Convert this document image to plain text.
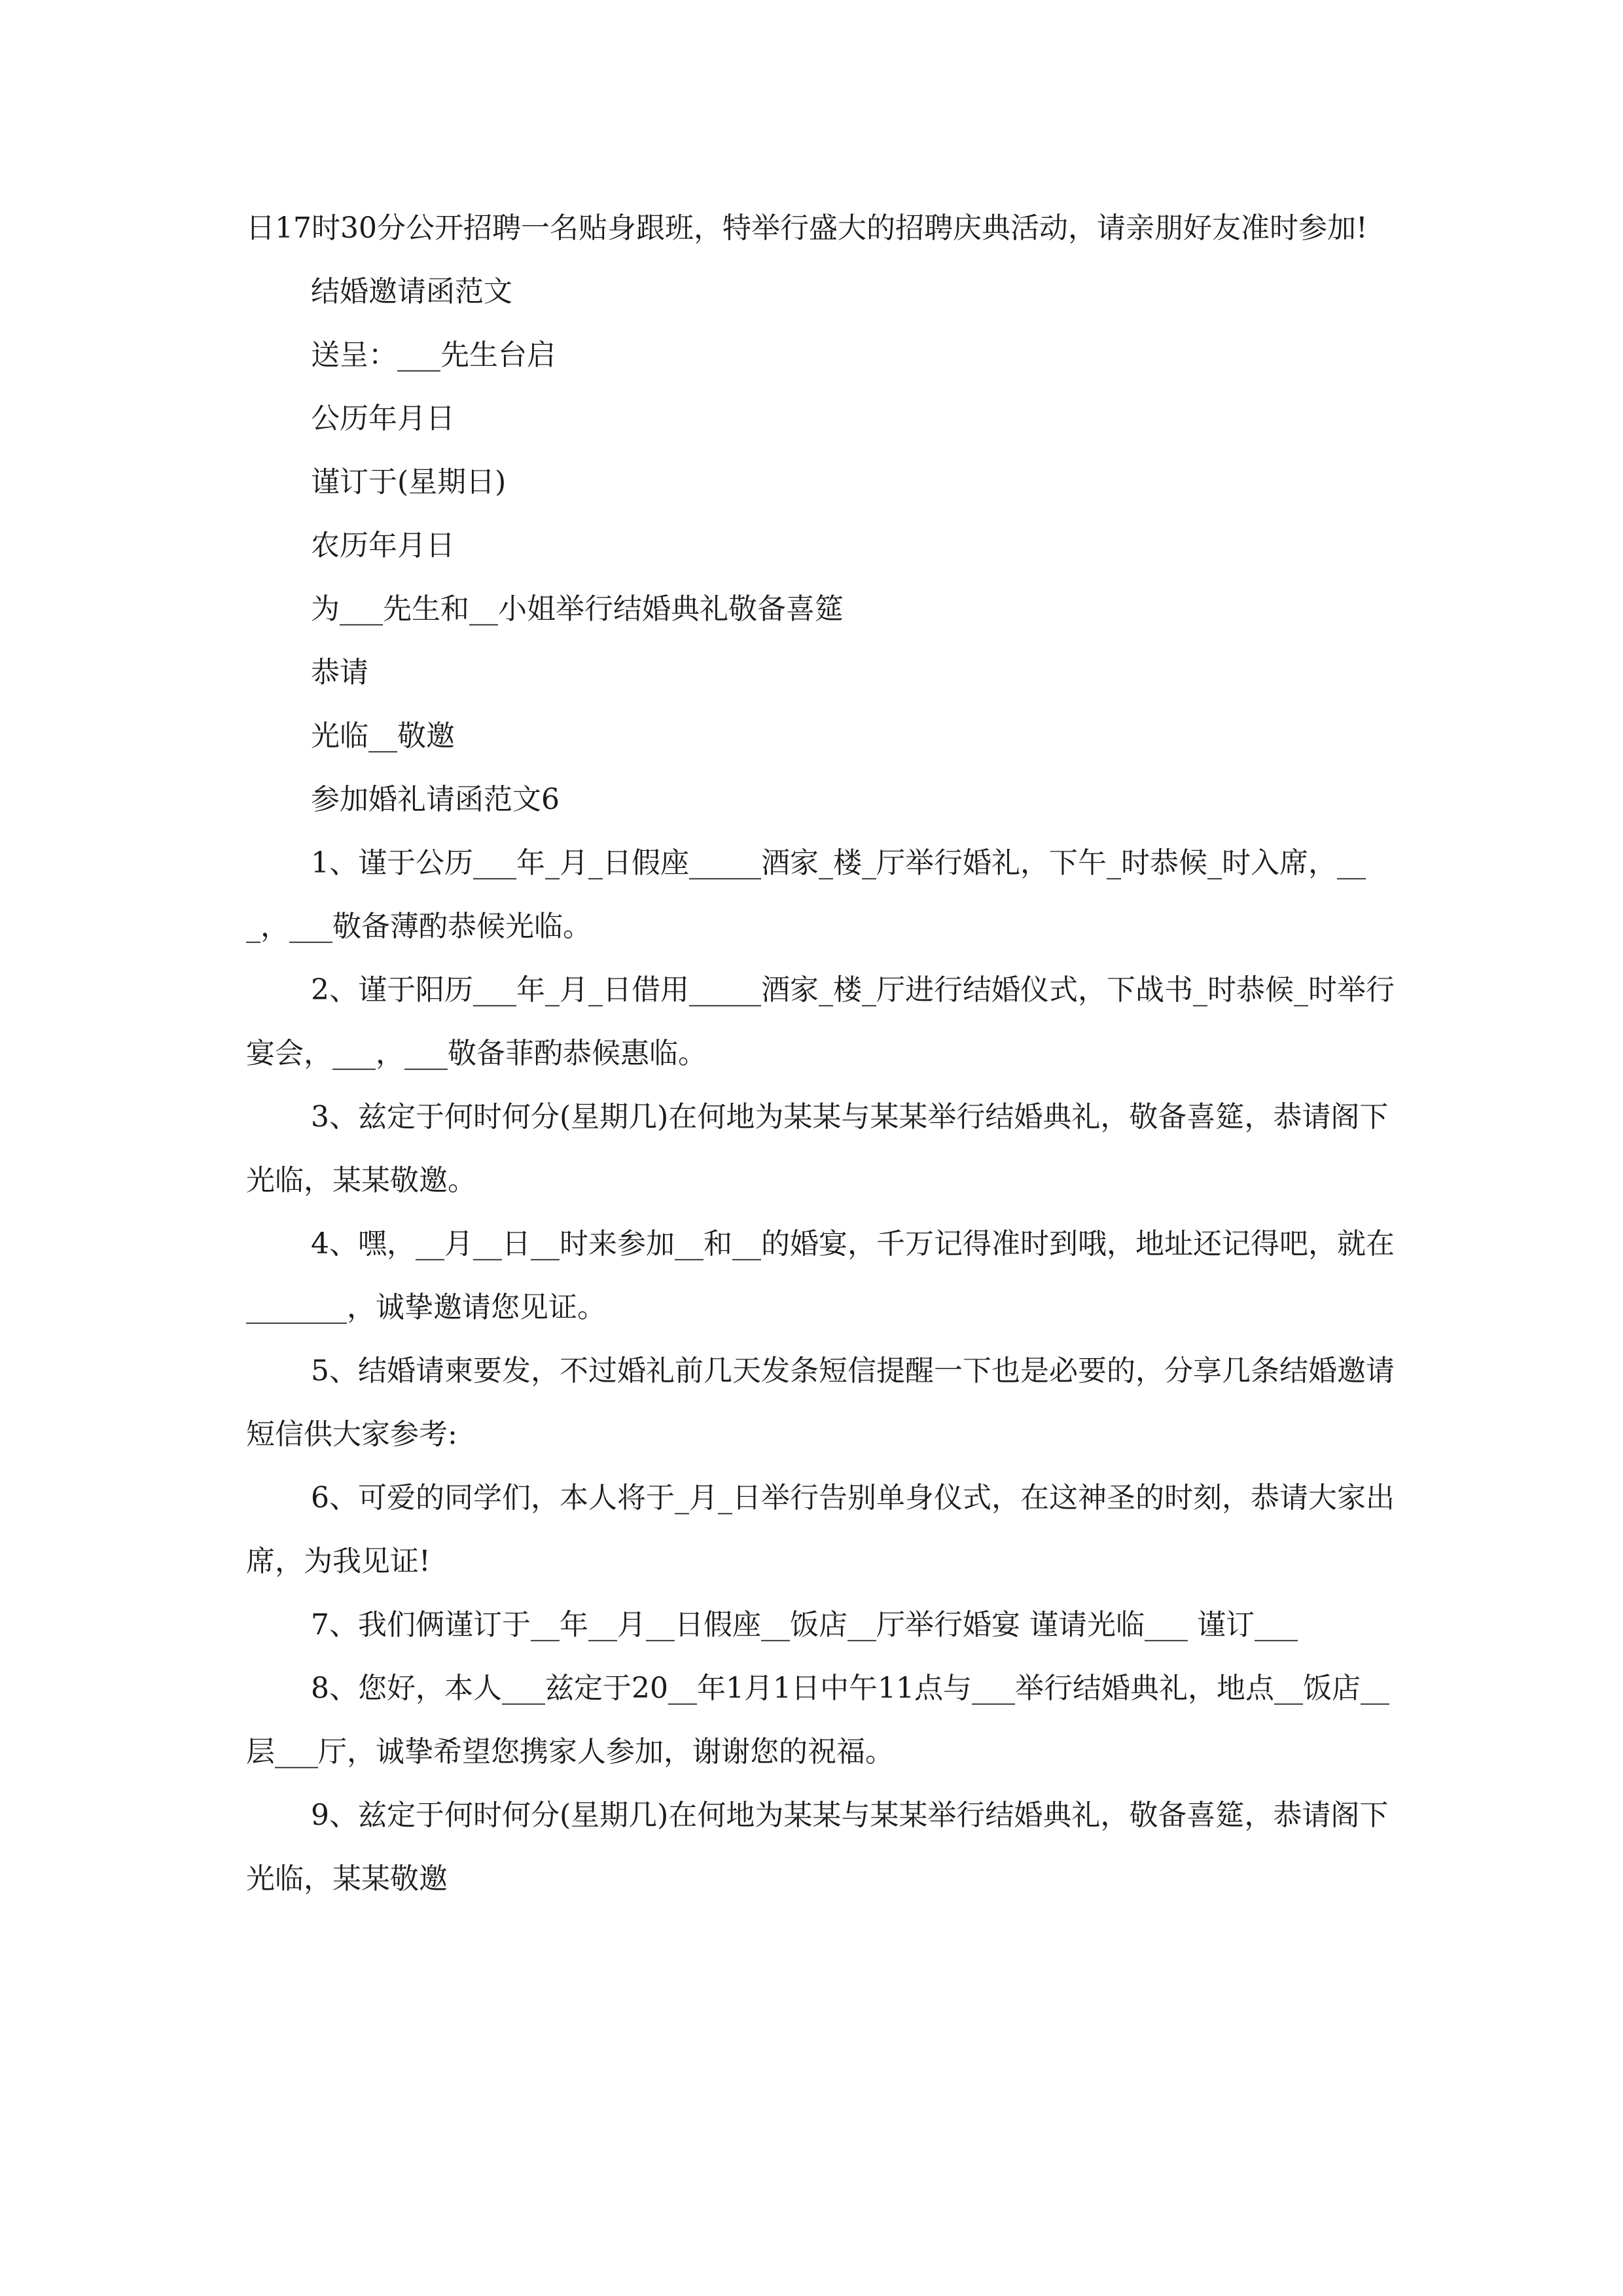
日17时30分公开招聘一名贴身跟班，特举行盛大的招聘庆典活动，请亲朋好友准时参加!

结婚邀请函范文

送呈：___先生台启

公历年月日

谨订于(星期日)

农历年月日

为___先生和__小姐举行结婚典礼敬备喜筵

恭请

光临__敬邀

参加婚礼请函范文6

1、谨于公历___年_月_日假座_____酒家_楼_厅举行婚礼，下午_时恭候_时入席，___，___敬备薄酌恭候光临。

2、谨于阳历___年_月_日借用_____酒家_楼_厅进行结婚仪式，下战书_时恭候_时举行宴会，___，___敬备菲酌恭候惠临。

3、兹定于何时何分(星期几)在何地为某某与某某举行结婚典礼，敬备喜筵，恭请阁下光临，某某敬邀。

4、嘿，__月__日__时来参加__和__的婚宴，千万记得准时到哦，地址还记得吧，就在_______，诚挚邀请您见证。

5、结婚请柬要发，不过婚礼前几天发条短信提醒一下也是必要的，分享几条结婚邀请短信供大家参考:

6、可爱的同学们，本人将于_月_日举行告别单身仪式，在这神圣的时刻，恭请大家出席，为我见证!

7、我们俩谨订于__年__月__日假座__饭店__厅举行婚宴 谨请光临___ 谨订___

8、您好，本人___兹定于20__年1月1日中午11点与___举行结婚典礼，地点__饭店__层___厅，诚挚希望您携家人参加，谢谢您的祝福。

9、兹定于何时何分(星期几)在何地为某某与某某举行结婚典礼，敬备喜筵，恭请阁下光临，某某敬邀
